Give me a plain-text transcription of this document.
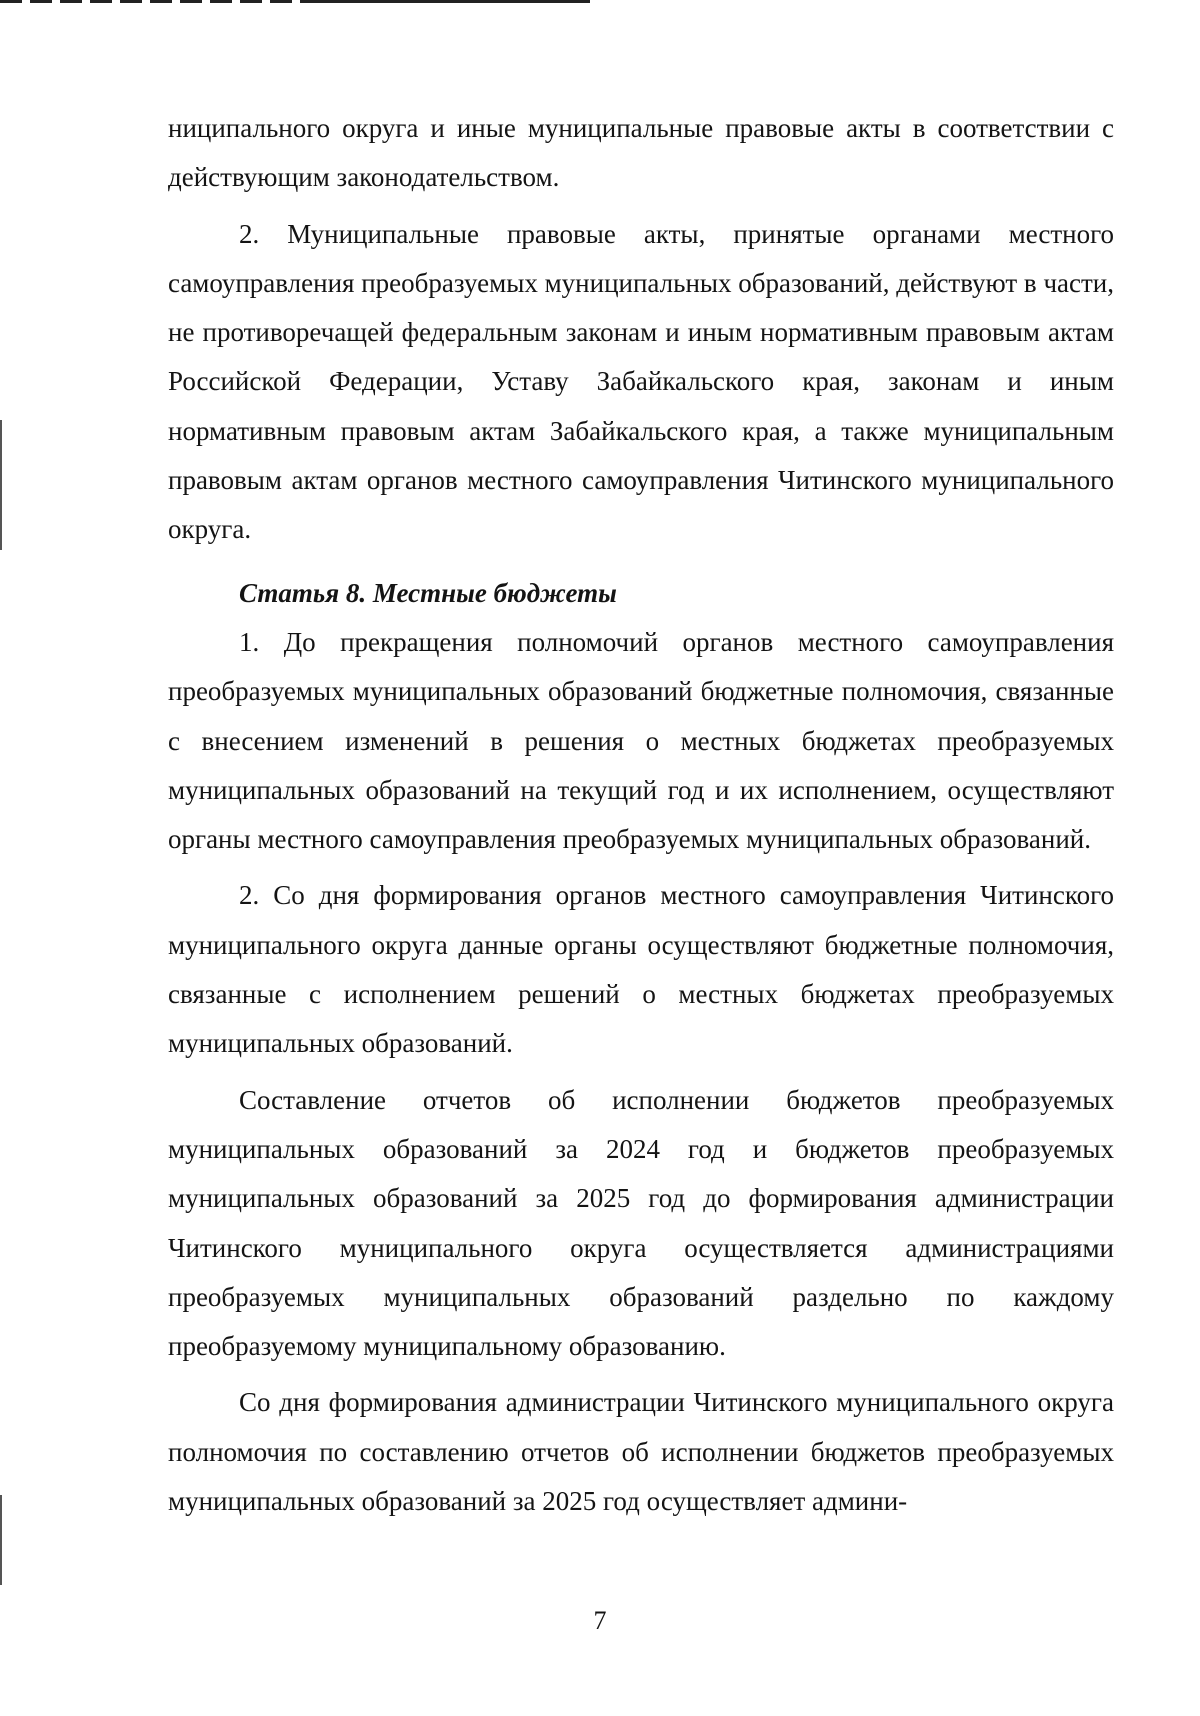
ниципального округа и иные муниципальные правовые акты в соответствии с действующим законодательством.

2. Муниципальные правовые акты, принятые органами местного самоуправления преобразуемых муниципальных образований, действуют в части, не противоречащей федеральным законам и иным нормативным правовым актам Российской Федерации, Уставу Забайкальского края, законам и иным нормативным правовым актам Забайкальского края, а также муниципальным правовым актам органов местного самоуправления Читинского муниципального округа.

Статья 8. Местные бюджеты

1. До прекращения полномочий органов местного самоуправления преобразуемых муниципальных образований бюджетные полномочия, связанные с внесением изменений в решения о местных бюджетах преобразуемых муниципальных образований на текущий год и их исполнением, осуществляют органы местного самоуправления преобразуемых муниципальных образований.

2. Со дня формирования органов местного самоуправления Читинского муниципального округа данные органы осуществляют бюджетные полномочия, связанные с исполнением решений о местных бюджетах преобразуемых муниципальных образований.

Составление отчетов об исполнении бюджетов преобразуемых муниципальных образований за 2024 год и бюджетов преобразуемых муниципальных образований за 2025 год до формирования администрации Читинского муниципального округа осуществляется администрациями преобразуемых муниципальных образований раздельно по каждому преобразуемому муниципальному образованию.

Со дня формирования администрации Читинского муниципального округа полномочия по составлению отчетов об исполнении бюджетов преобразуемых муниципальных образований за 2025 год осуществляет админи-

7
